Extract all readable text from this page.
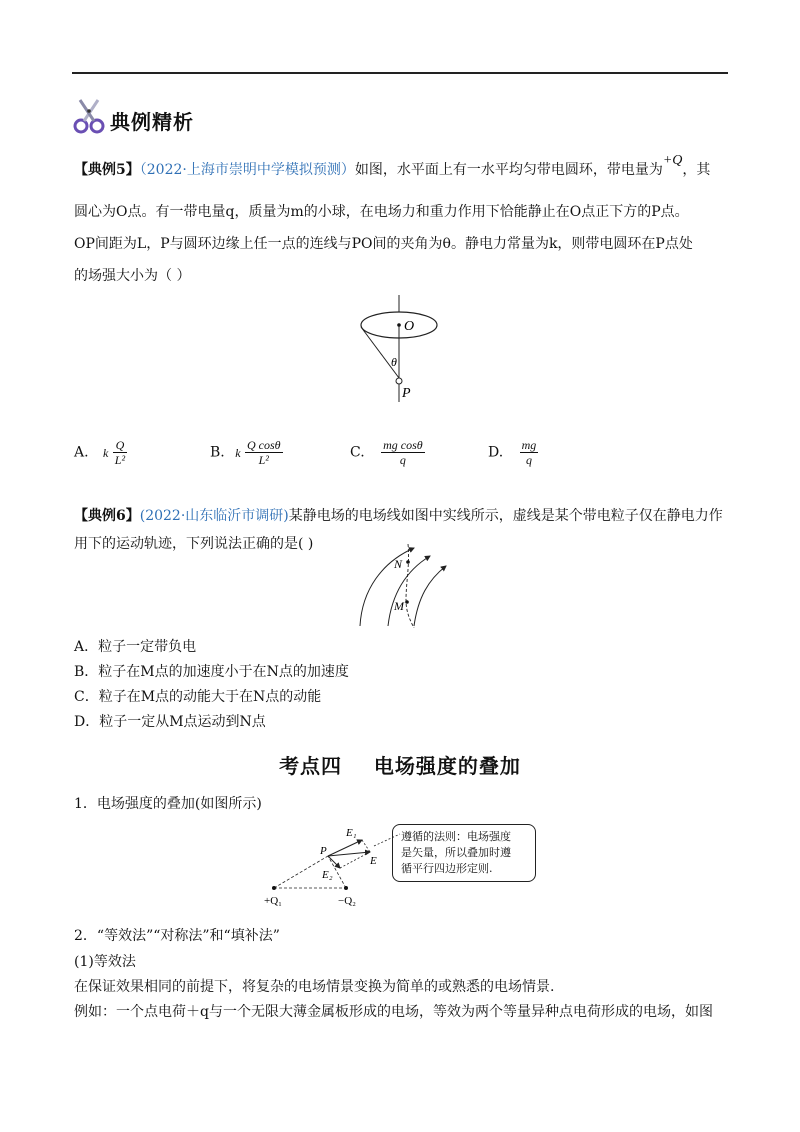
典例精析
【典例5】（2022·上海市崇明中学模拟预测）如图，水平面上有一水平均匀带电圆环，带电量为+Q，其
圆心为O点。有一带电量q，质量为m的小球，在电场力和重力作用下恰能静止在O点正下方的P点。
OP间距为L，P与圆环边缘上任一点的连线与PO间的夹角为θ。静电力常量为k，则带电圆环在P点处
的场强大小为（ ）
O
θ
P
A. k $\frac{Q}{\text{L²}}$	B. k $\frac{\text{Q cosθ}}{\text{L²}}$	C. $\frac{\text{mg cosθ}}{q}$	D. $\frac{mg}{q}$
【典例6】(2022·山东临沂市调研)某静电场的电场线如图中实线所示，虚线是某个带电粒子仅在静电力作
用下的运动轨迹，下列说法正确的是( )
N
M
A．粒子一定带负电
B．粒子在M点的加速度小于在N点的加速度
C．粒子在M点的动能大于在N点的动能
D．粒子一定从M点运动到N点
考点四    电场强度的叠加
1．电场强度的叠加(如图所示)
E₁
E₂
E
P
+Q₁	−Q₂
遵循的法则：电场强度
是矢量，所以叠加时遵
循平行四边形定则.
2．“等效法”“对称法”和“填补法”
(1)等效法
在保证效果相同的前提下，将复杂的电场情景变换为简单的或熟悉的电场情景.
例如：一个点电荷＋q与一个无限大薄金属板形成的电场，等效为两个等量异种点电荷形成的电场，如图
